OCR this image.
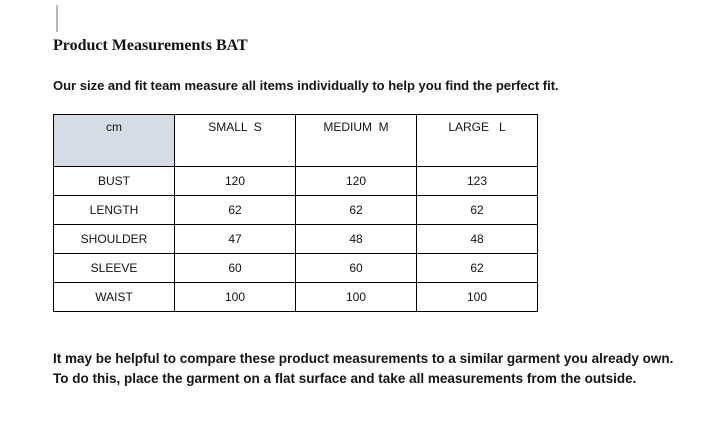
Product Measurements BAT
Our size and fit team measure all items individually to help you find the perfect fit.
cm	SMALL  S	MEDIUM  M	LARGE   L
BUST	120	120	123
LENGTH	62	62	62
SHOULDER	47	48	48
SLEEVE	60	60	62
WAIST	100	100	100
It may be helpful to compare these product measurements to a similar garment you already own.
To do this, place the garment on a flat surface and take all measurements from the outside.
